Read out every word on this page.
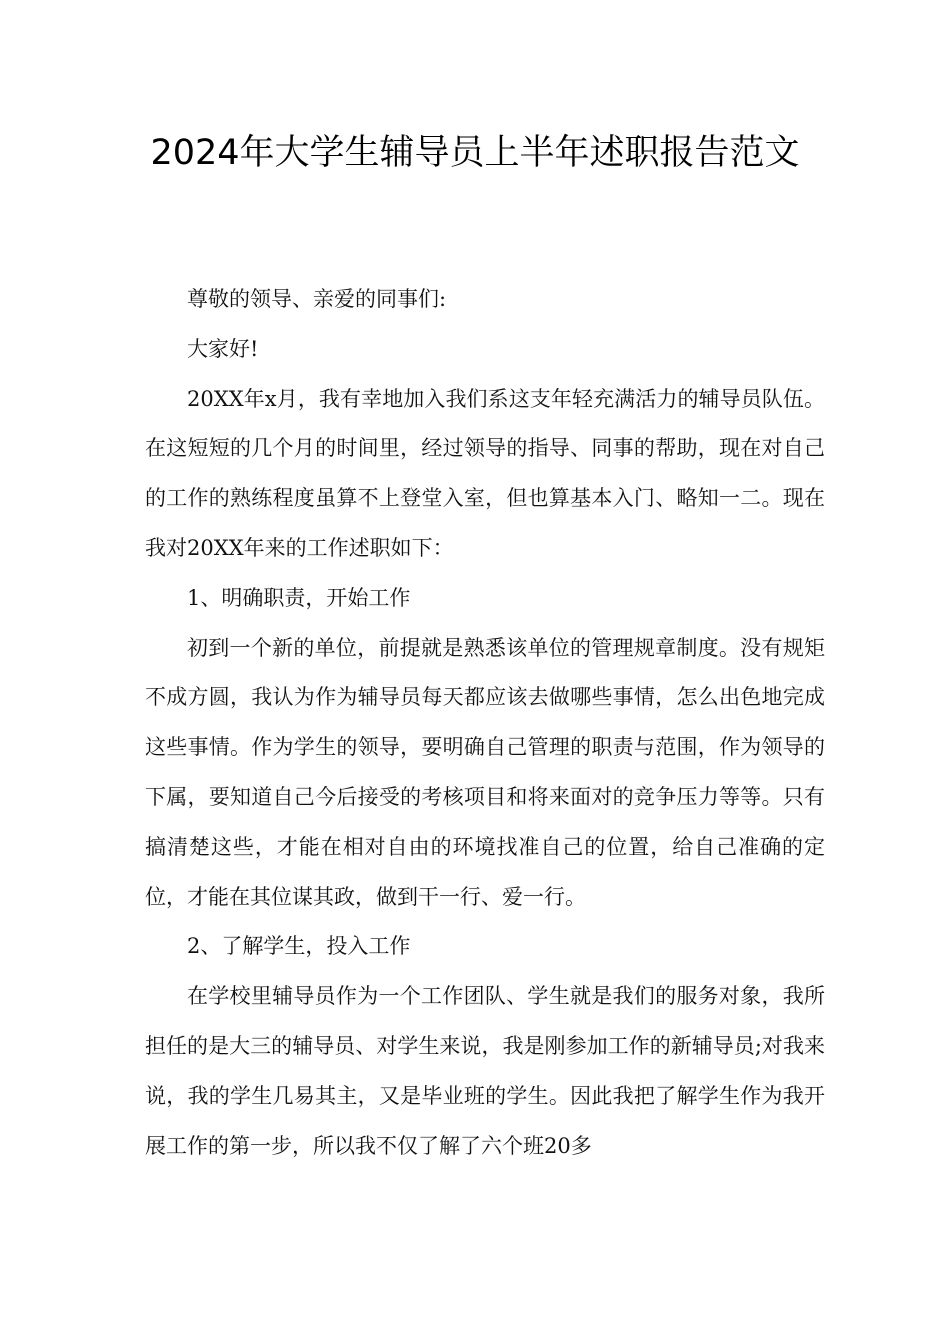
2024年大学生辅导员上半年述职报告范文

尊敬的领导、亲爱的同事们:

大家好!

20XX年x月，我有幸地加入我们系这支年轻充满活力的辅导员队伍。在这短短的几个月的时间里，经过领导的指导、同事的帮助，现在对自己的工作的熟练程度虽算不上登堂入室，但也算基本入门、略知一二。现在我对20XX年来的工作述职如下：

1、明确职责，开始工作

初到一个新的单位，前提就是熟悉该单位的管理规章制度。没有规矩不成方圆，我认为作为辅导员每天都应该去做哪些事情，怎么出色地完成这些事情。作为学生的领导，要明确自己管理的职责与范围，作为领导的下属，要知道自己今后接受的考核项目和将来面对的竞争压力等等。只有搞清楚这些，才能在相对自由的环境找准自己的位置，给自己准确的定位，才能在其位谋其政，做到干一行、爱一行。

2、了解学生，投入工作

在学校里辅导员作为一个工作团队、学生就是我们的服务对象，我所担任的是大三的辅导员、对学生来说，我是刚参加工作的新辅导员;对我来说，我的学生几易其主，又是毕业班的学生。因此我把了解学生作为我开展工作的第一步，所以我不仅了解了六个班20多
